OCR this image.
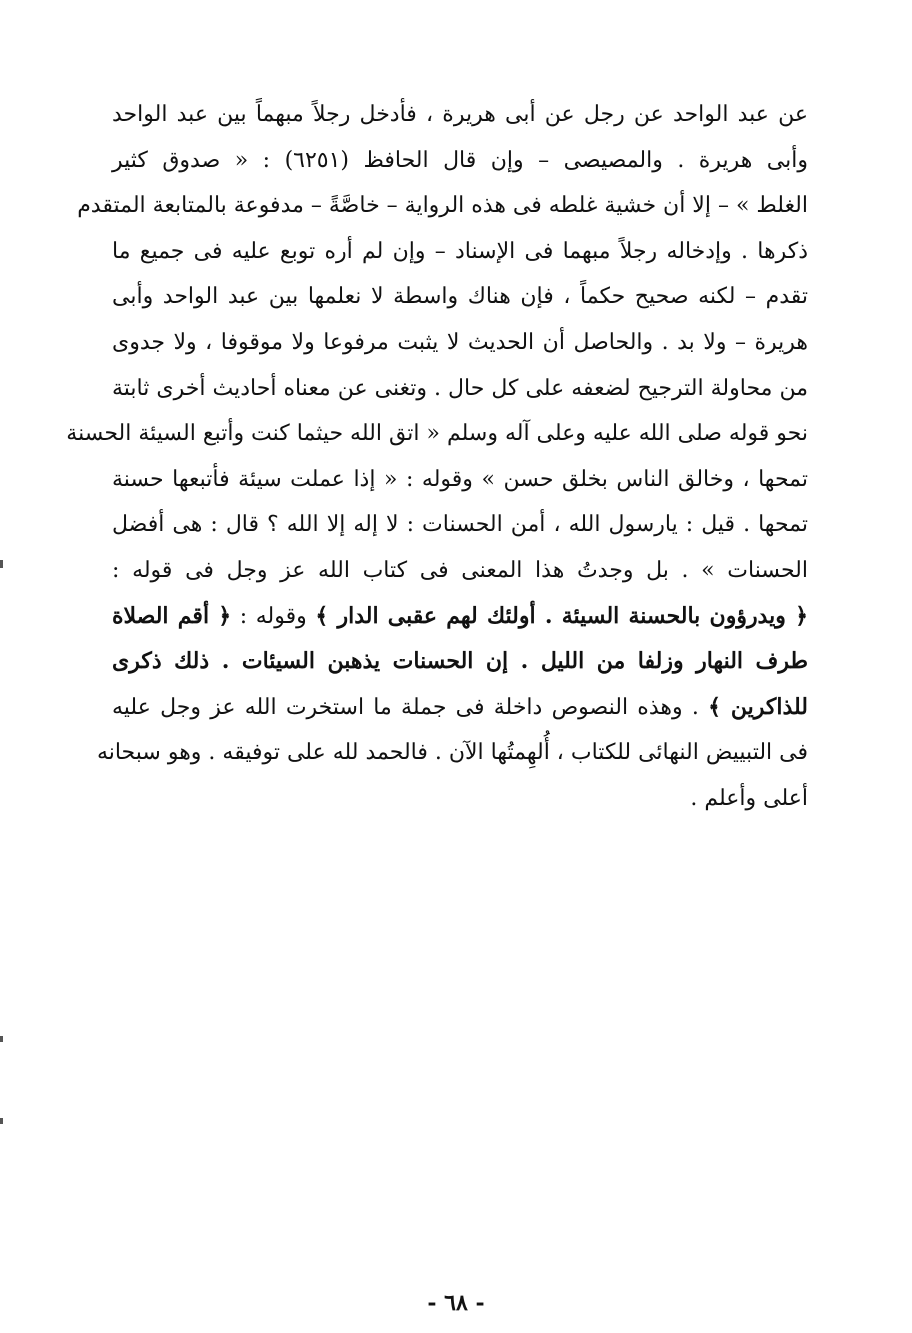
عن عبد الواحد عن رجل عن أبى هريرة ، فأدخل رجلاً مبهماً بين عبد الواحد
وأبى هريرة . والمصيصى – وإن قال الحافظ (٦٢٥١) : « صدوق كثير
الغلط » – إلا أن خشية غلطه فى هذه الرواية – خاصَّةً – مدفوعة بالمتابعة المتقدم
ذكرها . وإدخاله رجلاً مبهما فى الإسناد – وإن لم أره توبع عليه فى جميع ما
تقدم – لكنه صحيح حكماً ، فإن هناك واسطة لا نعلمها بين عبد الواحد وأبى
هريرة – ولا بد . والحاصل أن الحديث لا يثبت مرفوعا ولا موقوفا ، ولا جدوى
من محاولة الترجيح لضعفه على كل حال . وتغنى عن معناه أحاديث أخرى ثابتة
نحو قوله صلى الله عليه وعلى آله وسلم « اتق الله حيثما كنت وأتبع السيئة الحسنة
تمحها ، وخالق الناس بخلق حسن » وقوله : « إذا عملت سيئة فأتبعها حسنة
تمحها . قيل : يارسول الله ، أمن الحسنات : لا إله إلا الله ؟ قال : هى أفضل
الحسنات » . بل وجدتُ هذا المعنى فى كتاب الله عز وجل فى قوله :
﴿ ويدرؤون بالحسنة السيئة . أولئك لهم عقبى الدار ﴾ وقوله : ﴿ أقم الصلاة
طرف النهار وزلفا من الليل . إن الحسنات يذهبن السيئات . ذلك ذكرى
للذاكرين ﴾ . وهذه النصوص داخلة فى جملة ما استخرت الله عز وجل عليه
فى التبييض النهائى للكتاب ، أُلهِمتُها الآن . فالحمد لله على توفيقه . وهو سبحانه
أعلى وأعلم .
- ٦٨ -
